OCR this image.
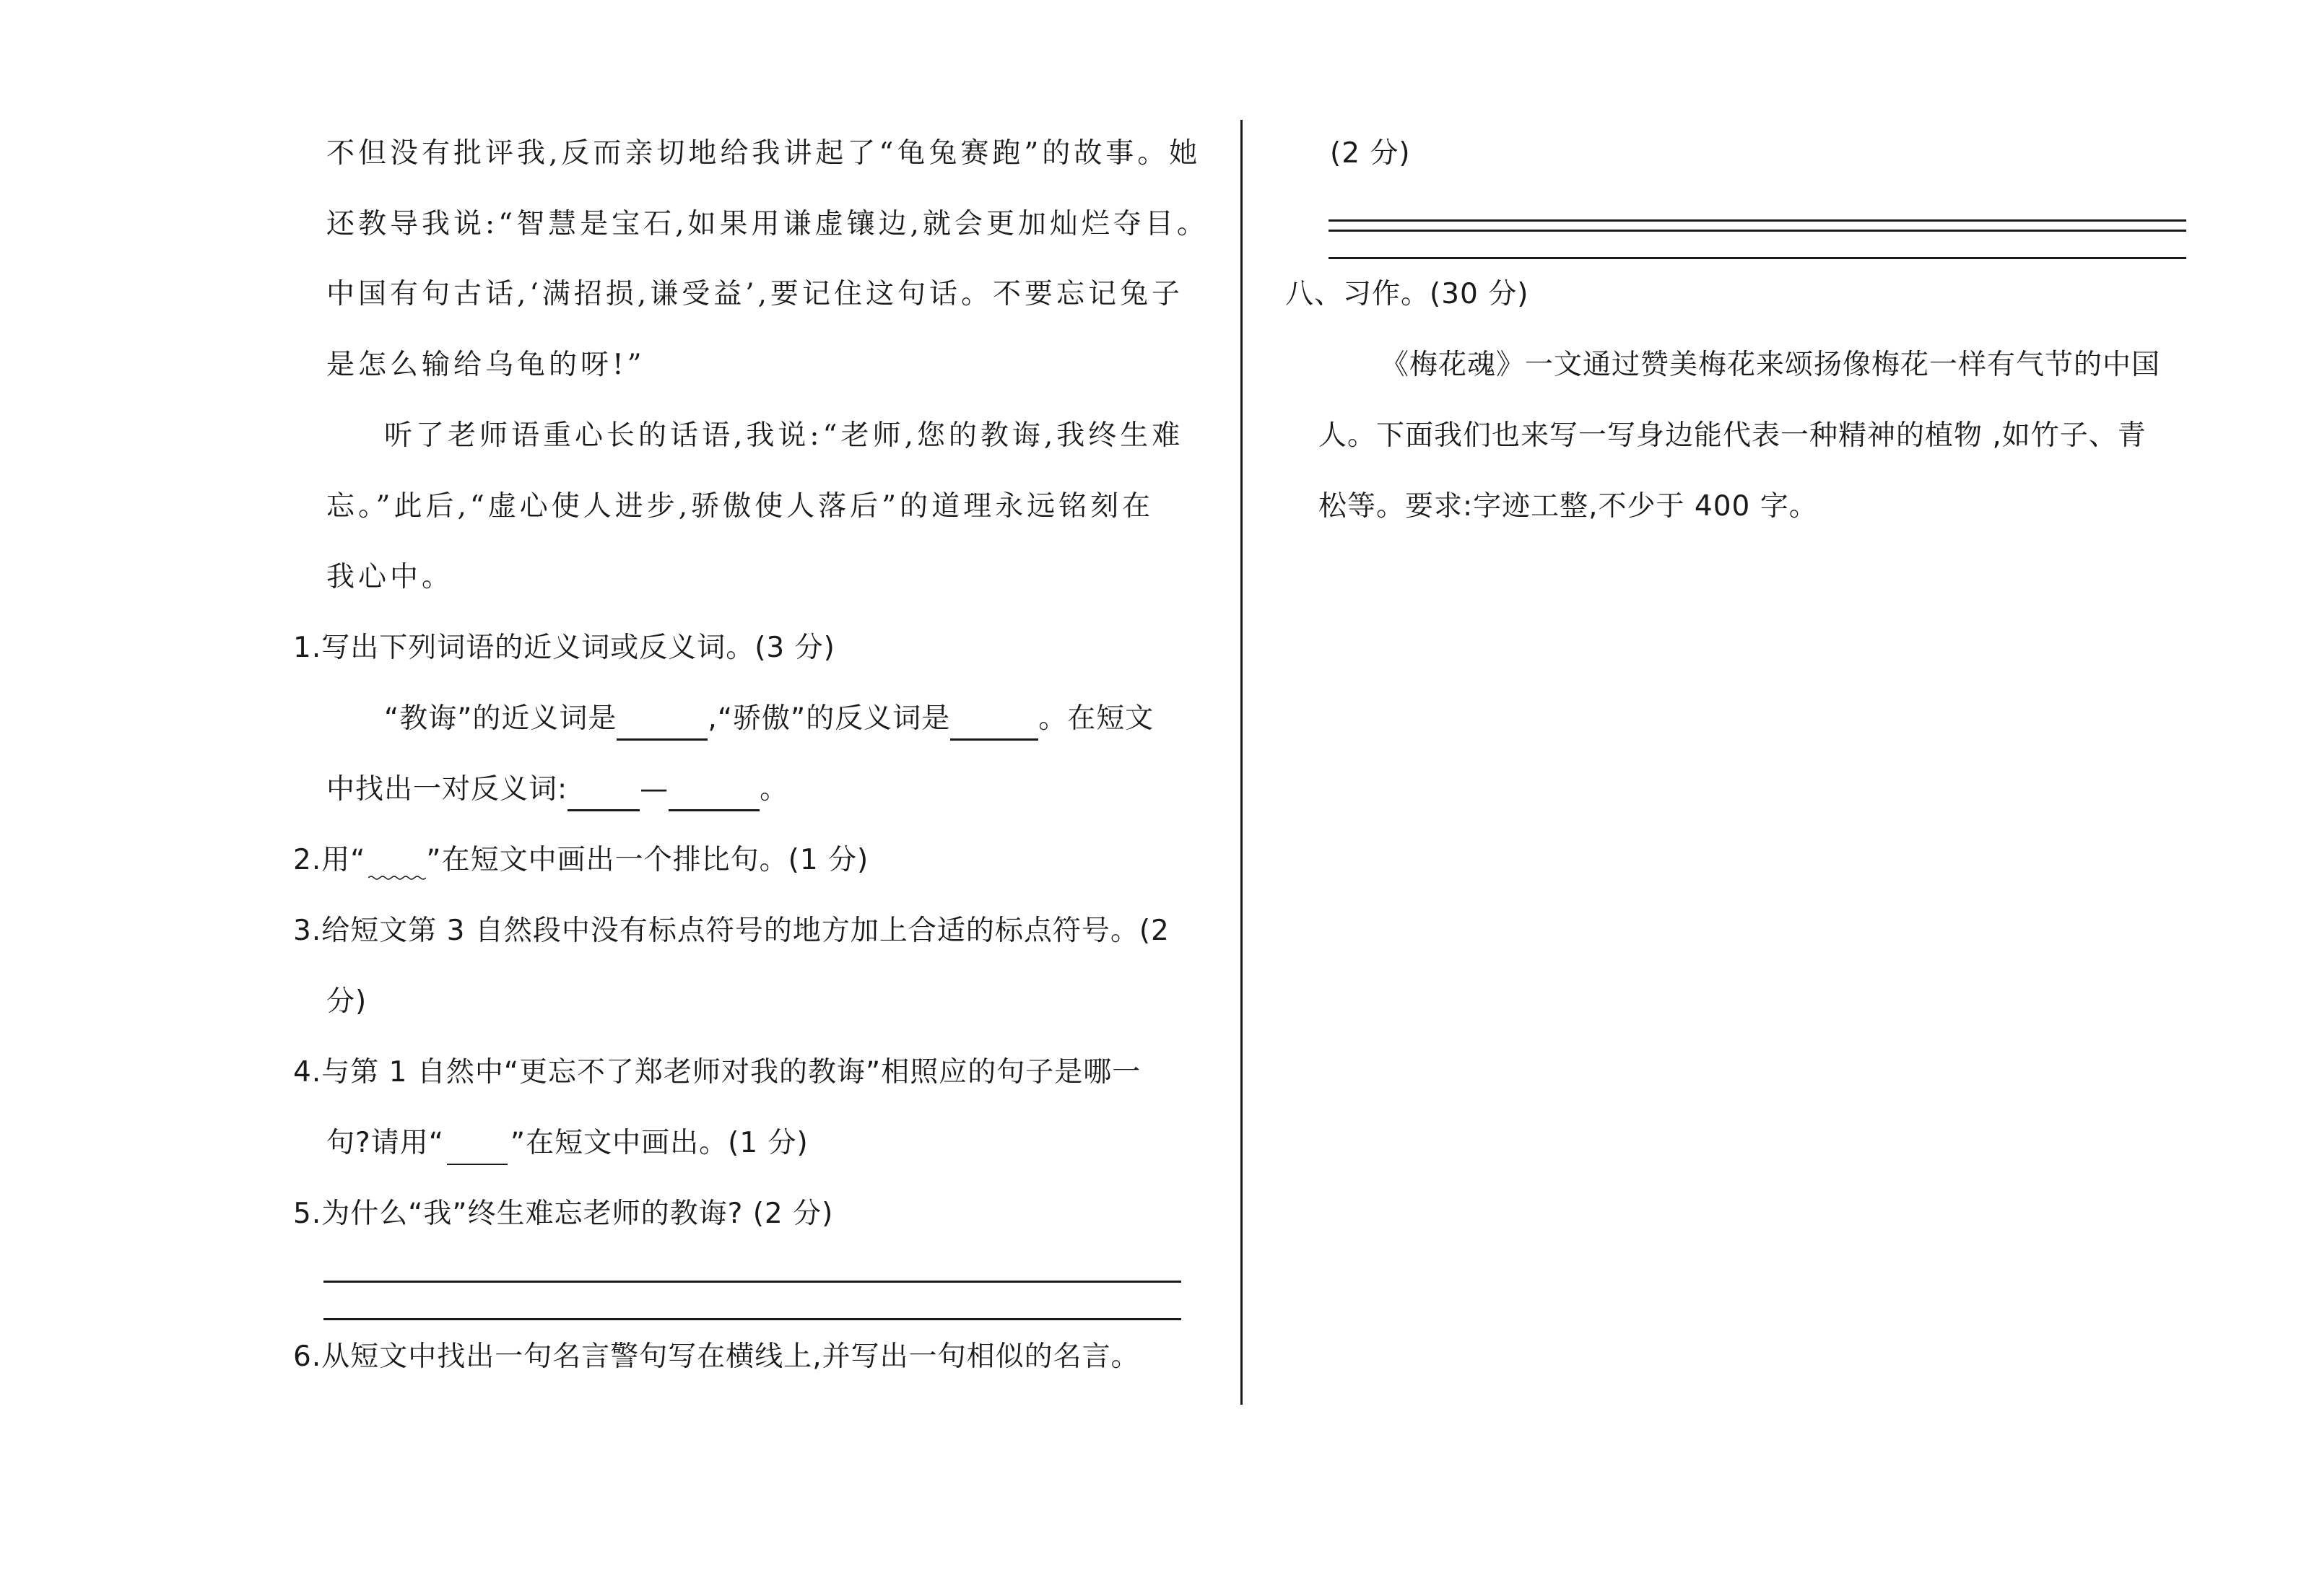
不但没有批评我,反而亲切地给我讲起了“龟兔赛跑”的故事。她
还教导我说:“智慧是宝石,如果用谦虚镶边,就会更加灿烂夺目。
中国有句古话,‘满招损,谦受益’,要记住这句话。不要忘记兔子
是怎么输给乌龟的呀!”
听了老师语重心长的话语,我说:“老师,您的教诲,我终生难
忘。”此后,“虚心使人进步,骄傲使人落后”的道理永远铭刻在
我心中。
1.写出下列词语的近义词或反义词。(3 分)
“教诲”的近义词是	,“骄傲”的反义词是	。在短文
中找出一对反义词:	—	。
2.用“ ”在短文中画出一个排比句。(1 分)
3.给短文第 3 自然段中没有标点符号的地方加上合适的标点符号。(2
分)
4.与第 1 自然中“更忘不了郑老师对我的教诲”相照应的句子是哪一
句?请用“ ”在短文中画出。(1 分)
5.为什么“我”终生难忘老师的教诲? (2 分)
6.从短文中找出一句名言警句写在横线上,并写出一句相似的名言。
(2 分)
八、习作。(30 分)
《梅花魂》一文通过赞美梅花来颂扬像梅花一样有气节的中国
人。下面我们也来写一写身边能代表一种精神的植物 ,如竹子、青
松等。要求:字迹工整,不少于 400 字。
